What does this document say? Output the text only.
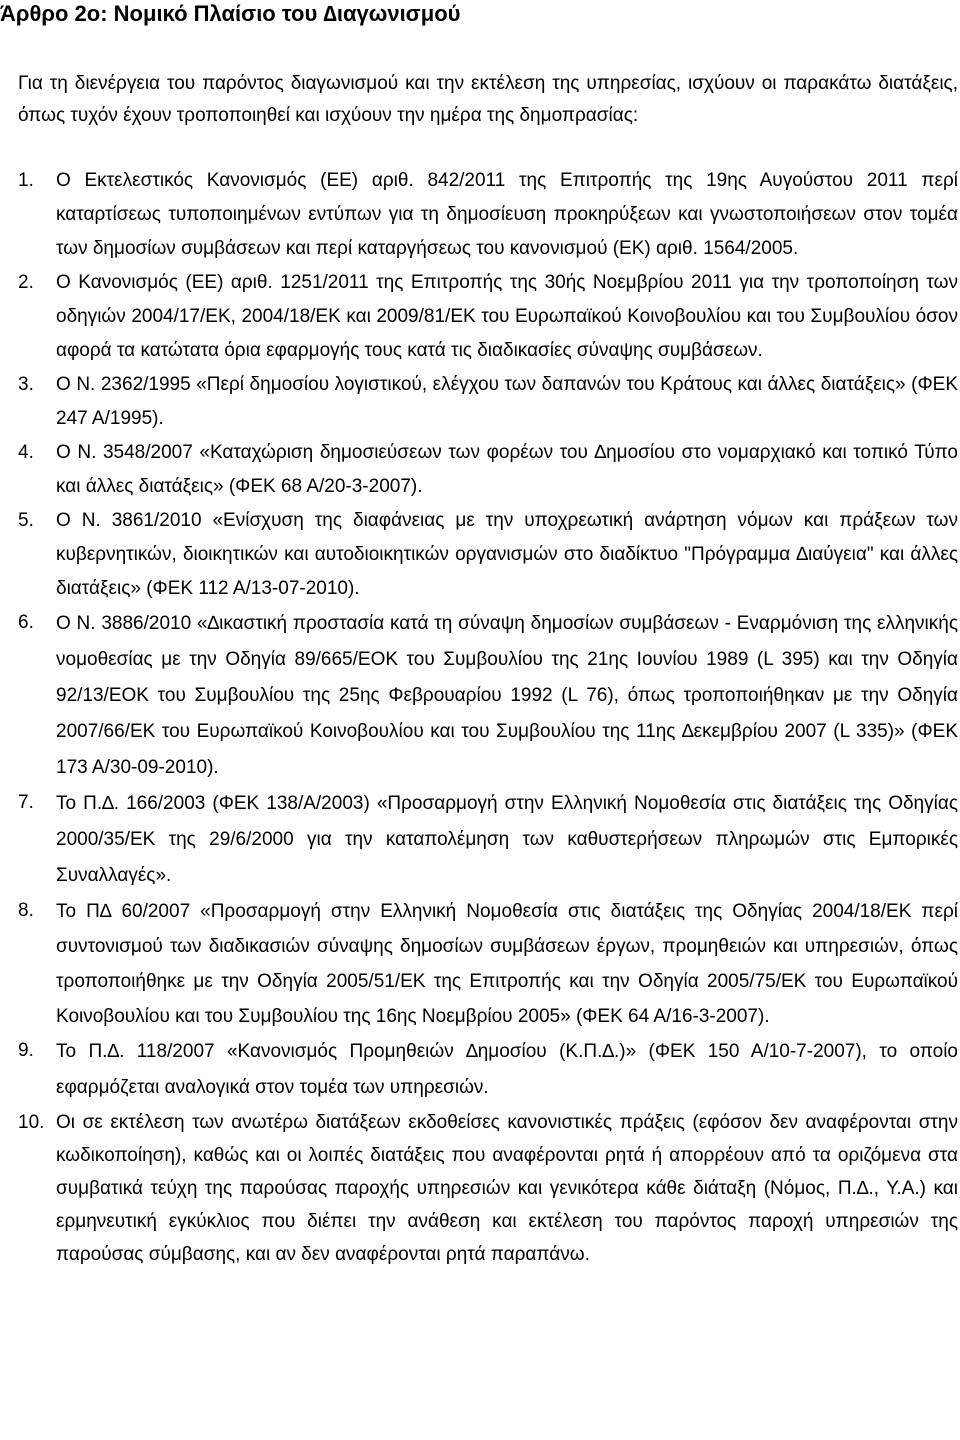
Άρθρο 2ο: Νομικό Πλαίσιο του ∆ιαγωνισμού
Για τη διενέργεια του παρόντος διαγωνισμού και την εκτέλεση της υπηρεσίας, ισχύουν οι παρακάτω διατάξεις, όπως τυχόν έχουν τροποποιηθεί και ισχύουν την ημέρα της δημοπρασίας:
1.	Ο Εκτελεστικός Κανονισμός (ΕΕ) αριθ. 842/2011 της Επιτροπής της 19ης Αυγούστου 2011 περί καταρτίσεως τυποποιημένων εντύπων για τη δημοσίευση προκηρύξεων και γνωστοποιήσεων στον τομέα των δημοσίων συμβάσεων και περί καταργήσεως του κανονισμού (ΕΚ) αριθ. 1564/2005.
2.	Ο Κανονισμός (ΕΕ) αριθ. 1251/2011 της Επιτροπής της 30ής Νοεμβρίου 2011 για την τροποποίηση των οδηγιών 2004/17/ΕΚ, 2004/18/ΕΚ και 2009/81/ΕΚ του Ευρωπαϊκού Κοινοβουλίου και του Συμβουλίου όσον αφορά τα κατώτατα όρια εφαρμογής τους κατά τις διαδικασίες σύναψης συμβάσεων.
3.	Ο Ν. 2362/1995 «Περί δημοσίου λογιστικού, ελέγχου των δαπανών του Κράτους και άλλες διατάξεις» (ΦΕΚ 247 Α/1995).
4.	Ο Ν. 3548/2007 «Καταχώριση δημοσιεύσεων των φορέων του ∆ημοσίου στο νομαρχιακό και τοπικό Τύπο και άλλες διατάξεις» (ΦΕΚ 68 Α/20-3-2007).
5.	Ο Ν. 3861/2010 «Ενίσχυση της διαφάνειας με την υποχρεωτική ανάρτηση νόμων και πράξεων των κυβερνητικών, διοικητικών και αυτοδιοικητικών οργανισμών στο διαδίκτυο "Πρόγραμμα ∆ιαύγεια" και άλλες διατάξεις» (ΦΕΚ 112 Α/13-07-2010).
6.	Ο Ν. 3886/2010 «∆ικαστική προστασία κατά τη σύναψη δημοσίων συμβάσεων - Εναρμόνιση της ελληνικής νομοθεσίας με την Οδηγία 89/665/ΕΟΚ του Συμβουλίου της 21ης Ιουνίου 1989 (L 395) και την Οδηγία 92/13/ΕΟΚ του Συμβουλίου της 25ης Φεβρουαρίου 1992 (L 76), όπως τροποποιήθηκαν με την Οδηγία 2007/66/ΕΚ του Ευρωπαϊκού Κοινοβουλίου και του Συμβουλίου της 11ης ∆εκεμβρίου 2007 (L 335)» (ΦΕΚ 173 Α/30-09-2010).
7.	Το Π.∆. 166/2003 (ΦΕΚ 138/Α/2003) «Προσαρμογή στην Ελληνική Νομοθεσία στις διατάξεις της Οδηγίας 2000/35/ΕΚ της 29/6/2000 για την καταπολέμηση των καθυστερήσεων πληρωμών στις Εμπορικές Συναλλαγές».
8.	Το Π∆ 60/2007 «Προσαρμογή στην Ελληνική Νομοθεσία στις διατάξεις της Οδηγίας 2004/18/ΕΚ περί συντονισμού των διαδικασιών σύναψης δημοσίων συμβάσεων έργων, προμηθειών και υπηρεσιών, όπως τροποποιήθηκε με την Οδηγία 2005/51/ΕΚ της Επιτροπής και την Οδηγία 2005/75/ΕΚ του Ευρωπαϊκού Κοινοβουλίου και του Συμβουλίου της 16ης Νοεμβρίου 2005» (ΦΕΚ 64 Α/16-3-2007).
9.	Το Π.∆. 118/2007 «Κανονισμός Προμηθειών ∆ημοσίου (Κ.Π.∆.)» (ΦΕΚ 150 Α/10-7-2007), το οποίο εφαρμόζεται αναλογικά στον τομέα των υπηρεσιών.
10. Οι σε εκτέλεση των ανωτέρω διατάξεων εκδοθείσες κανονιστικές πράξεις (εφόσον δεν αναφέρονται στην κωδικοποίηση), καθώς και οι λοιπές διατάξεις που αναφέρονται ρητά ή απορρέουν από τα οριζόμενα στα συμβατικά τεύχη της παρούσας παροχής υπηρεσιών και γενικότερα κάθε διάταξη (Νόμος, Π.∆., Υ.Α.) και ερμηνευτική εγκύκλιος που διέπει την ανάθεση και εκτέλεση του παρόντος παροχή υπηρεσιών της παρούσας σύμβασης, και αν δεν αναφέρονται ρητά παραπάνω.
